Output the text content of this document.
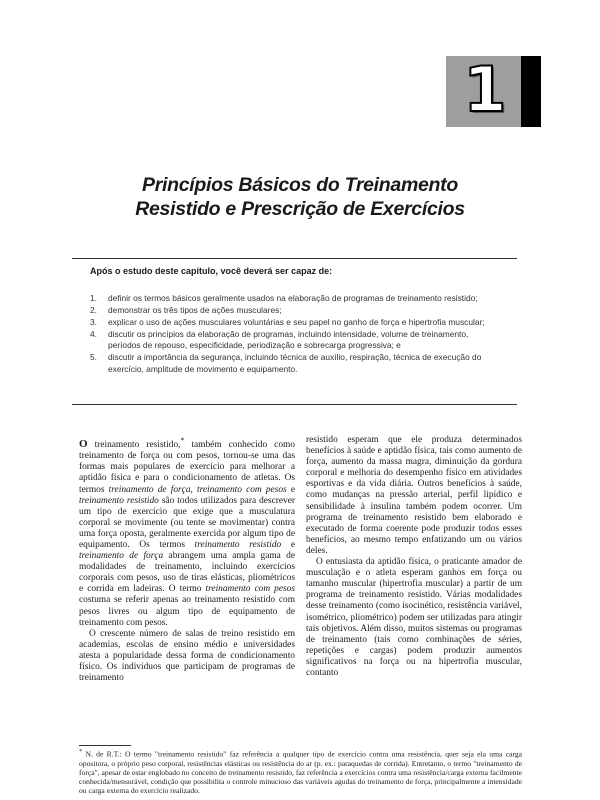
1
Princípios Básicos do Treinamento
Resistido e Prescrição de Exercícios
Após o estudo deste capítulo, você deverá ser capaz de:
1. definir os termos básicos geralmente usados na elaboração de programas de treinamento resistido;
2. demonstrar os três tipos de ações musculares;
3. explicar o uso de ações musculares voluntárias e seu papel no ganho de força e hipertrofia muscular;
4. discutir os princípios da elaboração de programas, incluindo intensidade, volume de treinamento, períodos de repouso, especificidade, periodização e sobrecarga progressiva; e
5. discutir a importância da segurança, incluindo técnica de auxílio, respiração, técnica de execução do exercício, amplitude de movimento e equipamento.

O treinamento resistido,* também conhecido como treinamento de força ou com pesos, tornou-se uma das formas mais populares de exercício para melhorar a aptidão física e para o condicionamento de atletas. Os termos treinamento de força, treinamento com pesos e treinamento resistido são todos utilizados para descrever um tipo de exercício que exige que a musculatura corporal se movimente (ou tente se movimentar) contra uma força oposta, geralmente exercida por algum tipo de equipamento. Os termos treinamento resistido e treinamento de força abrangem uma ampla gama de modalidades de treinamento, incluindo exercícios corporais com pesos, uso de tiras elásticas, pliométricos e corrida em ladeiras. O termo treinamento com pesos costuma se referir apenas ao treinamento resistido com pesos livres ou algum tipo de equipamento de treinamento com pesos.

O crescente número de salas de treino resistido em academias, escolas de ensino médio e universidades atesta a popularidade dessa forma de condicionamento físico. Os indivíduos que participam de programas de treinamento

resistido esperam que ele produza determinados benefícios à saúde e aptidão física, tais como aumento de força, aumento da massa magra, diminuição da gordura corporal e melhoria do desempenho físico em atividades esportivas e da vida diária. Outros benefícios à saúde, como mudanças na pressão arterial, perfil lipídico e sensibilidade à insulina também podem ocorrer. Um programa de treinamento resistido bem elaborado e executado de forma coerente pode produzir todos esses benefícios, ao mesmo tempo enfatizando um ou vários deles.

O entusiasta da aptidão física, o praticante amador de musculação e o atleta esperam ganhos em força ou tamanho muscular (hipertrofia muscular) a partir de um programa de treinamento resistido. Várias modalidades desse treinamento (como isocinético, resistência variável, isométrico, pliométrico) podem ser utilizadas para atingir tais objetivos. Além disso, muitos sistemas ou programas de treinamento (tais como combinações de séries, repetições e cargas) podem produzir aumentos significativos na força ou na hipertrofia muscular, contanto

* N. de R.T.: O termo "treinamento resistido" faz referência a qualquer tipo de exercício contra uma resistência, quer seja ela uma carga opositora, o próprio peso corporal, resistências elásticas ou resistência do ar (p. ex.: paraquedas de corrida). Entretanto, o termo "treinamento de força", apesar de estar englobado no conceito de treinamento resistido, faz referência a exercícios contra uma resistência/carga externa facilmente conhecida/mensurável, condição que possibilita o controle minucioso das variáveis agudas do treinamento de força, principalmente a intensidade ou carga externa do exercício realizado.
